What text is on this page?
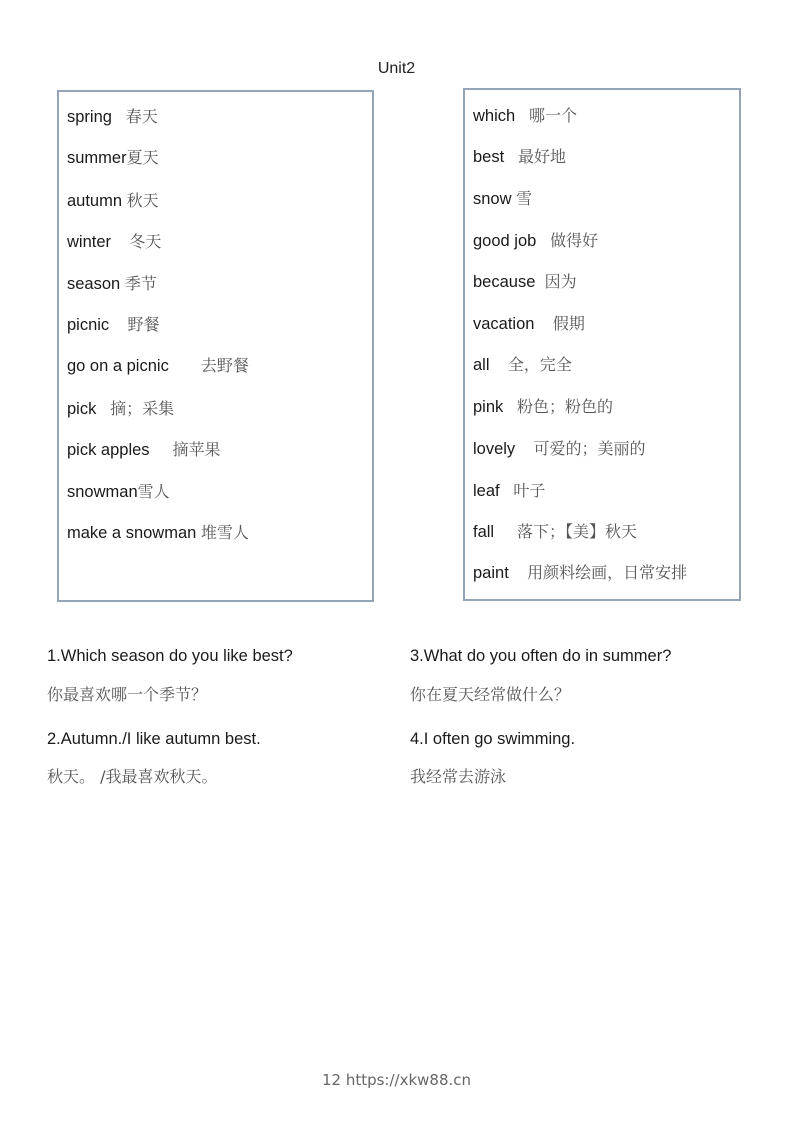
Unit2
spring 春天
summer夏天
autumn 秋天
winter 冬天
season 季节
picnic 野餐
go on a picnic 去野餐
pick 摘；采集
pick apples 摘苹果
snowman雪人
make a snowman 堆雪人
which 哪一个
best 最好地
snow 雪
good job 做得好
because 因为
vacation 假期
all 全，完全
pink 粉色；粉色的
lovely 可爱的；美丽的
leaf 叶子
fall 落下；【美】秋天
paint 用颜料绘画，日常安排
1.Which season do you like best?
你最喜欢哪一个季节？
2.Autumn./I like autumn best.
秋天。 /我最喜欢秋天。
3.What do you often do in summer?
你在夏天经常做什么？
4.I often go swimming.
我经常去游泳
12 https://xkw88.cn
